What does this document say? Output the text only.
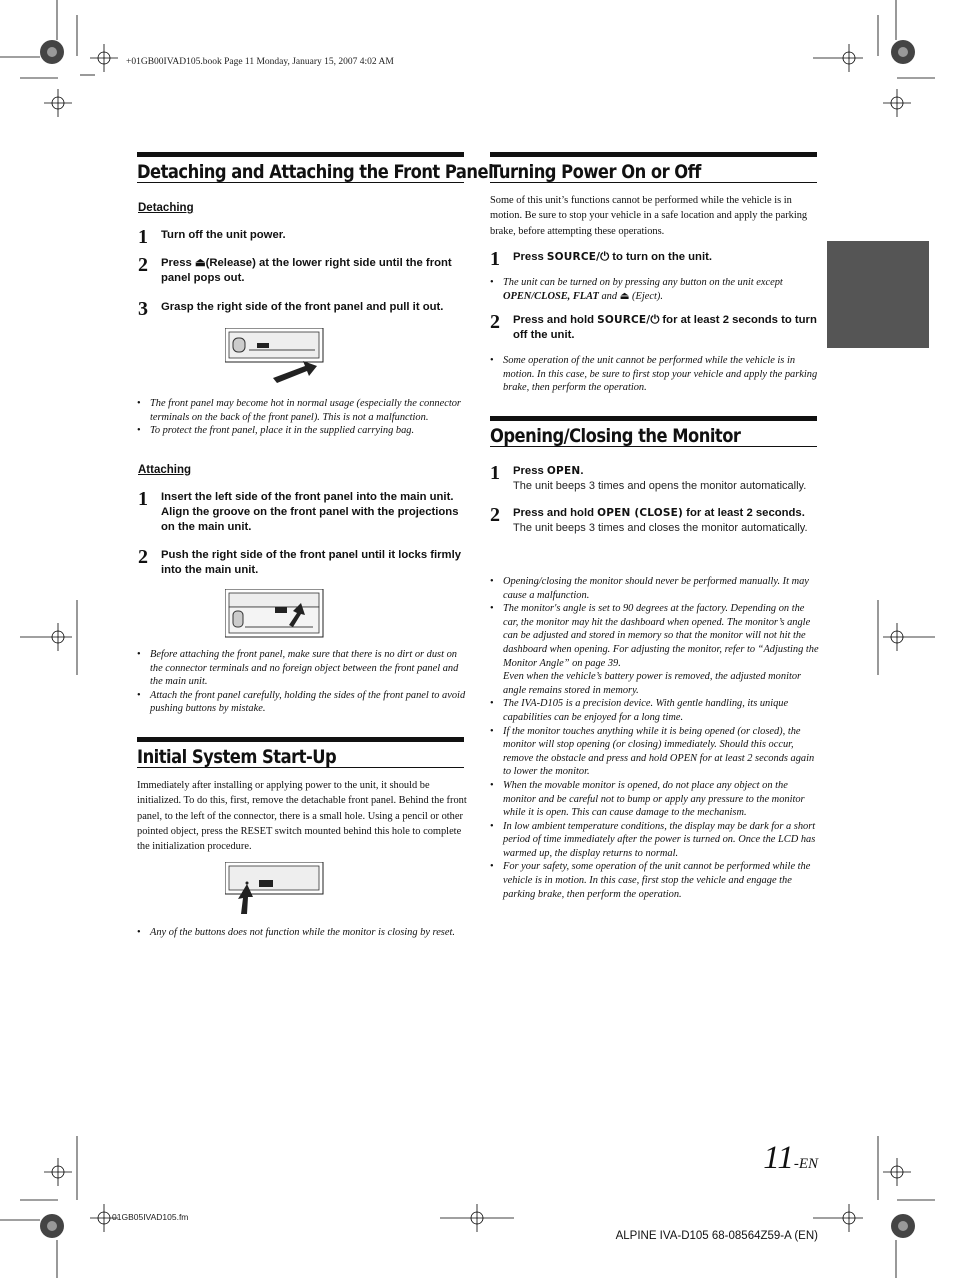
+01GB00IVAD105.book Page 11 Monday, January 15, 2007 4:02 AM
Detaching and Attaching the Front Panel
Detaching
1	Turn off the unit power.
2	Press ⏏(Release) at the lower right side until the front panel pops out.
3	Grasp the right side of the front panel and pull it out.
• The front panel may become hot in normal usage (especially the connector terminals on the back of the front panel). This is not a malfunction.
• To protect the front panel, place it in the supplied carrying bag.
Attaching
1	Insert the left side of the front panel into the main unit. Align the groove on the front panel with the projections on the main unit.
2	Push the right side of the front panel until it locks firmly into the main unit.
• Before attaching the front panel, make sure that there is no dirt or dust on the connector terminals and no foreign object between the front panel and the main unit.
• Attach the front panel carefully, holding the sides of the front panel to avoid pushing buttons by mistake.
Initial System Start-Up
Immediately after installing or applying power to the unit, it should be initialized. To do this, first, remove the detachable front panel. Behind the front panel, to the left of the connector, there is a small hole. Using a pencil or other pointed object, press the RESET switch mounted behind this hole to complete the initialization procedure.
• Any of the buttons does not function while the monitor is closing by reset.
Turning Power On or Off
Some of this unit’s functions cannot be performed while the vehicle is in motion. Be sure to stop your vehicle in a safe location and apply the parking brake, before attempting these operations.
1	Press SOURCE/⏻ to turn on the unit.
• The unit can be turned on by pressing any button on the unit except OPEN/CLOSE, FLAT and ⏏ (Eject).
2	Press and hold SOURCE/⏻ for at least 2 seconds to turn off the unit.
• Some operation of the unit cannot be performed while the vehicle is in motion. In this case, be sure to first stop your vehicle and apply the parking brake, then perform the operation.
Opening/Closing the Monitor
1	Press OPEN.
The unit beeps 3 times and opens the monitor automatically.
2	Press and hold OPEN (CLOSE) for at least 2 seconds.
The unit beeps 3 times and closes the monitor automatically.
• Opening/closing the monitor should never be performed manually. It may cause a malfunction.
• The monitor's angle is set to 90 degrees at the factory. Depending on the car, the monitor may hit the dashboard when opened. The monitor’s angle can be adjusted and stored in memory so that the monitor will not hit the dashboard when opening. For adjusting the monitor, refer to “Adjusting the Monitor Angle” on page 39.
Even when the vehicle’s battery power is removed, the adjusted monitor angle remains stored in memory.
• The IVA-D105 is a precision device. With gentle handling, its unique capabilities can be enjoyed for a long time.
• If the monitor touches anything while it is being opened (or closed), the monitor will stop opening (or closing) immediately. Should this occur, remove the obstacle and press and hold OPEN for at least 2 seconds again to lower the monitor.
• When the movable monitor is opened, do not place any object on the monitor and be careful not to bump or apply any pressure to the monitor while it is open. This can cause damage to the mechanism.
• In low ambient temperature conditions, the display may be dark for a short period of time immediately after the power is turned on. Once the LCD has warmed up, the display returns to normal.
• For your safety, some operation of the unit cannot be performed while the vehicle is in motion. In this case, first stop the vehicle and engage the parking brake, then perform the operation.
11-EN
01GB05IVAD105.fm
ALPINE IVA-D105 68-08564Z59-A (EN)
